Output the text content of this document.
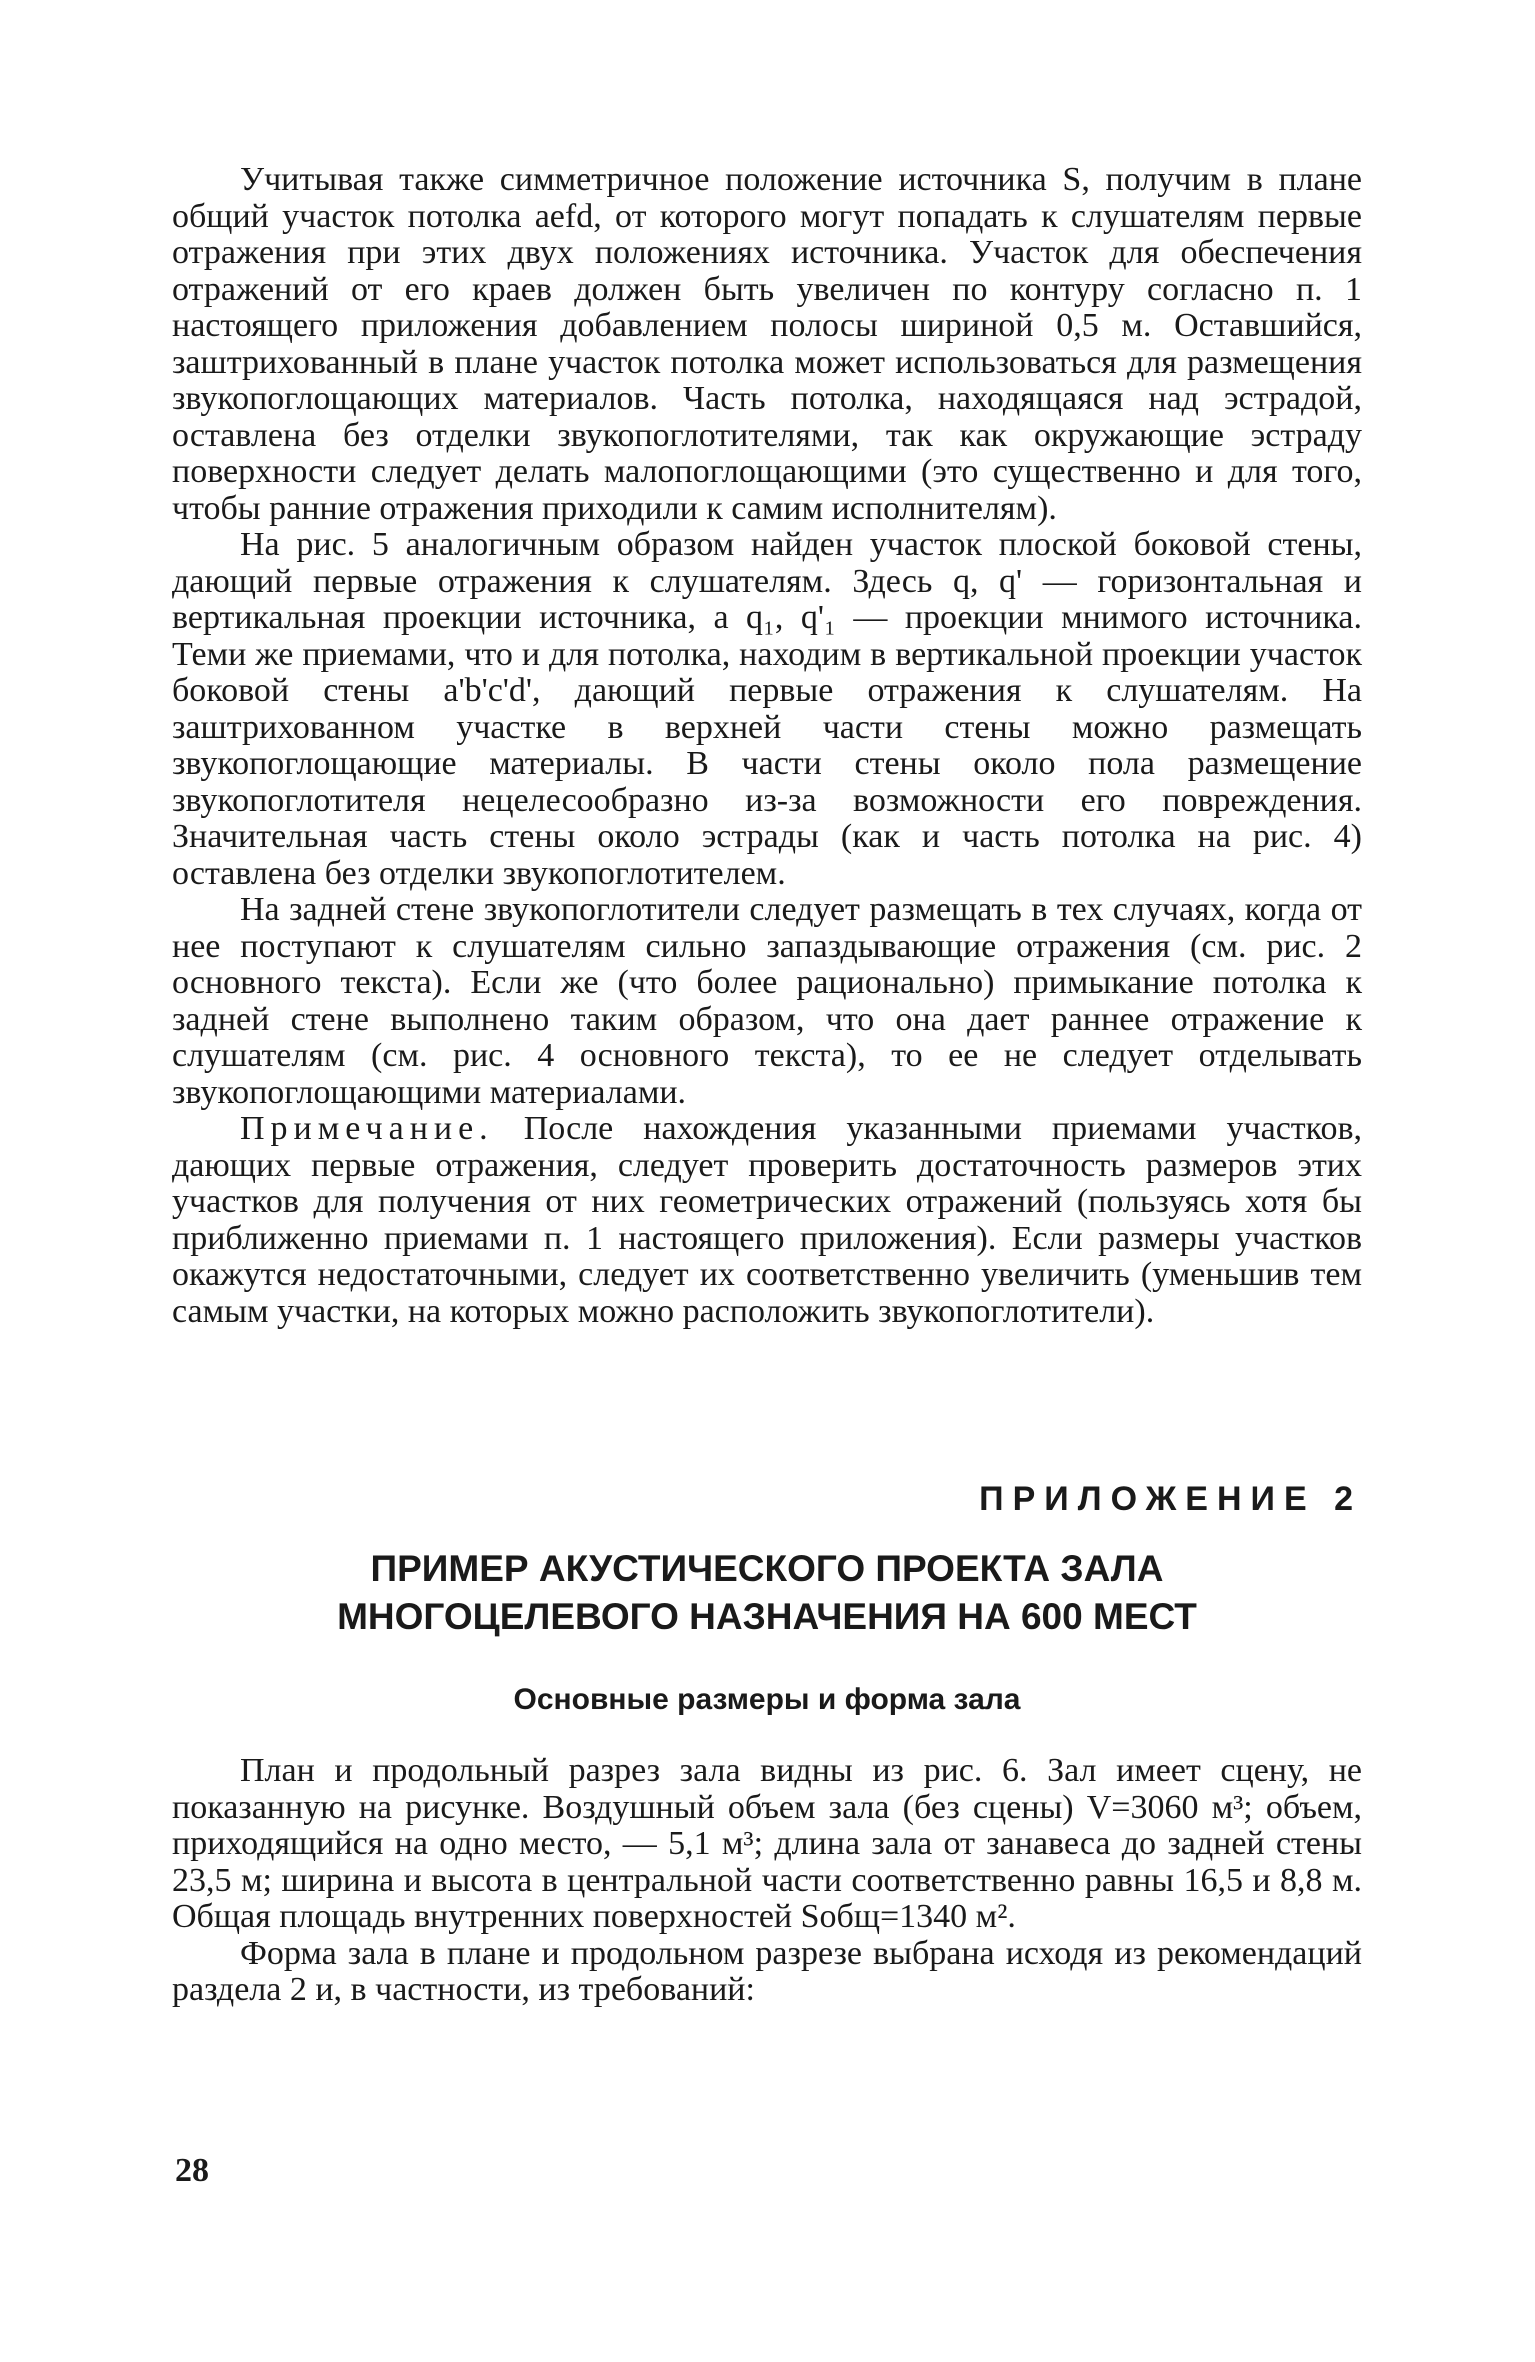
Учитывая также симметричное положение источника S, получим в плане общий участок потолка aefd, от которого могут попадать к слушателям первые отражения при этих двух положениях источника. Участок для обеспечения отражений от его краев должен быть увеличен по контуру согласно п. 1 настоящего приложения добавлением полосы шириной 0,5 м. Оставшийся, заштрихованный в плане участок потолка может использоваться для размещения звукопоглощающих материалов. Часть потолка, находящаяся над эстрадой, оставлена без отделки звукопоглотителями, так как окружающие эстраду поверхности следует делать малопоглощающими (это существенно и для того, чтобы ранние отражения приходили к самим исполнителям).

На рис. 5 аналогичным образом найден участок плоской боковой стены, дающий первые отражения к слушателям. Здесь q, q' — горизонтальная и вертикальная проекции источника, а q₁, q'₁ — проекции мнимого источника. Теми же приемами, что и для потолка, находим в вертикальной проекции участок боковой стены a'b'c'd', дающий первые отражения к слушателям. На заштрихованном участке в верхней части стены можно размещать звукопоглощающие материалы. В части стены около пола размещение звукопоглотителя нецелесообразно из-за возможности его повреждения. Значительная часть стены около эстрады (как и часть потолка на рис. 4) оставлена без отделки звукопоглотителем.

На задней стене звукопоглотители следует размещать в тех случаях, когда от нее поступают к слушателям сильно запаздывающие отражения (см. рис. 2 основного текста). Если же (что более рационально) примыкание потолка к задней стене выполнено таким образом, что она дает раннее отражение к слушателям (см. рис. 4 основного текста), то ее не следует отделывать звукопоглощающими материалами.

Примечание. После нахождения указанными приемами участков, дающих первые отражения, следует проверить достаточность размеров этих участков для получения от них геометрических отражений (пользуясь хотя бы приближенно приемами п. 1 настоящего приложения). Если размеры участков окажутся недостаточными, следует их соответственно увеличить (уменьшив тем самым участки, на которых можно расположить звукопоглотители).

ПРИЛОЖЕНИЕ 2
ПРИМЕР АКУСТИЧЕСКОГО ПРОЕКТА ЗАЛА
МНОГОЦЕЛЕВОГО НАЗНАЧЕНИЯ НА 600 МЕСТ
Основные размеры и форма зала

План и продольный разрез зала видны из рис. 6. Зал имеет сцену, не показанную на рисунке. Воздушный объем зала (без сцены) V=3060 м³; объем, приходящийся на одно место, — 5,1 м³; длина зала от занавеса до задней стены 23,5 м; ширина и высота в центральной части соответственно равны 16,5 и 8,8 м. Общая площадь внутренних поверхностей Sобщ=1340 м².

Форма зала в плане и продольном разрезе выбрана исходя из рекомендаций раздела 2 и, в частности, из требований:

28
